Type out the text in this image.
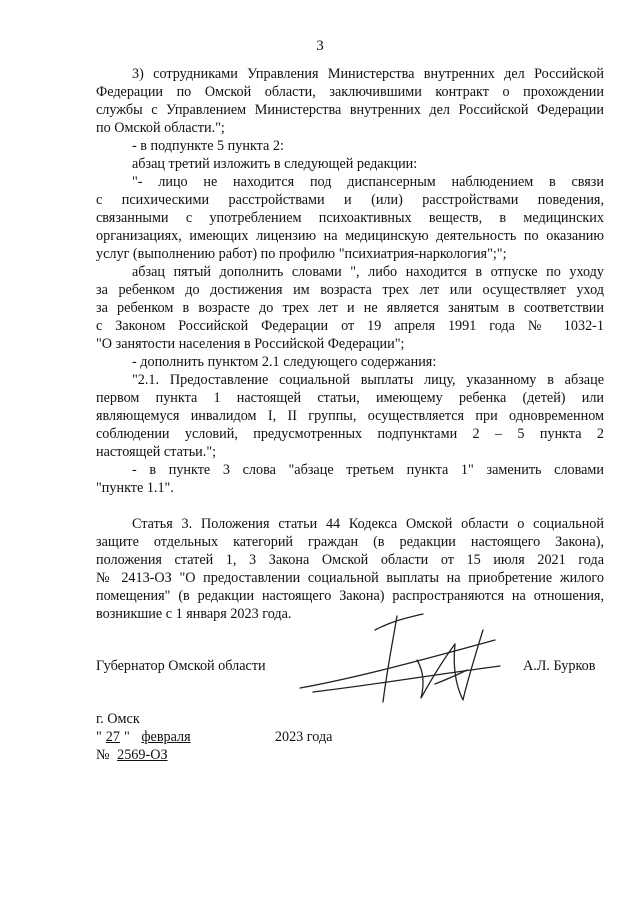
3
3) сотрудниками Управления Министерства внутренних дел Российской
Федерации по Омской области, заключившими контракт о прохождении
службы с Управлением Министерства внутренних дел Российской Федерации
по Омской области.";
- в подпункте 5 пункта 2:
абзац третий изложить в следующей редакции:
"- лицо не находится под диспансерным наблюдением в связи
с психическими расстройствами и (или) расстройствами поведения,
связанными с употреблением психоактивных веществ, в медицинских
организациях, имеющих лицензию на медицинскую деятельность по оказанию
услуг (выполнению работ) по профилю "психиатрия-наркология";";
абзац пятый дополнить словами ", либо находится в отпуске по уходу
за ребенком до достижения им возраста трех лет или осуществляет уход
за ребенком в возрасте до трех лет и не является занятым в соответствии
с Законом Российской Федерации от 19 апреля 1991 года № 1032-1
"О занятости населения в Российской Федерации";
- дополнить пунктом 2.1 следующего содержания:
"2.1. Предоставление социальной выплаты лицу, указанному в абзаце
первом пункта 1 настоящей статьи, имеющему ребенка (детей) или
являющемуся инвалидом I, II группы, осуществляется при одновременном
соблюдении условий, предусмотренных подпунктами 2 – 5 пункта 2
настоящей статьи.";
- в пункте 3 слова "абзаце третьем пункта 1" заменить словами
"пункте 1.1".
Статья 3. Положения статьи 44 Кодекса Омской области о социальной
защите отдельных категорий граждан (в редакции настоящего Закона),
положения статей 1, 3 Закона Омской области от 15 июля 2021 года
№ 2413-ОЗ "О предоставлении социальной выплаты на приобретение жилого
помещения" (в редакции настоящего Закона) распространяются на отношения,
возникшие с 1 января 2023 года.
Губернатор Омской области	А.Л. Бурков
г. Омск
" 27 " февраля	2023 года
№ 2569-ОЗ
